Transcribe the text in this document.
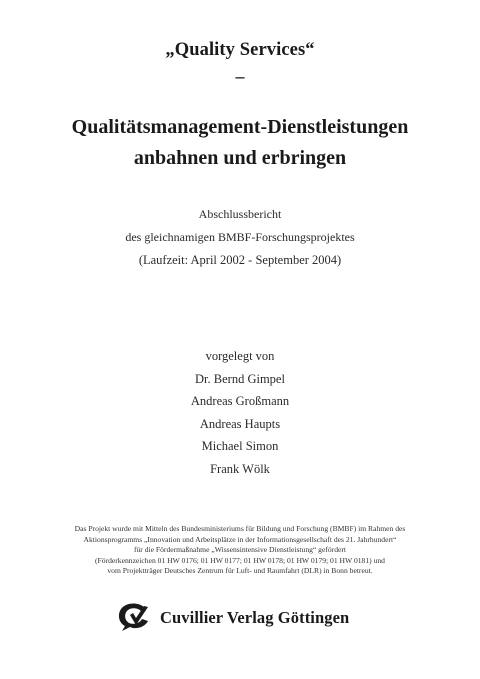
„Quality Services“
–
Qualitätsmanagement-Dienstleistungen
anbahnen und erbringen
Abschlussbericht
des gleichnamigen BMBF-Forschungsprojektes
(Laufzeit: April 2002 - September 2004)
vorgelegt von
Dr. Bernd Gimpel
Andreas Großmann
Andreas Haupts
Michael Simon
Frank Wölk
Das Projekt wurde mit Mitteln des Bundesministeriums für Bildung und Forschung (BMBF) im Rahmen des
Aktionsprogramms „Innovation und Arbeitsplätze in der Informationsgesellschaft des 21. Jahrhundert“
für die Fördermaßnahme „Wissensintensive Dienstleistung“ gefördert
(Förderkennzeichen 01 HW 0176; 01 HW 0177; 01 HW 0178; 01 HW 0179; 01 HW 0181) und
vom Projektträger Deutsches Zentrum für Luft- und Raumfahrt (DLR) in Bonn betreut.
Cuvillier Verlag Göttingen
